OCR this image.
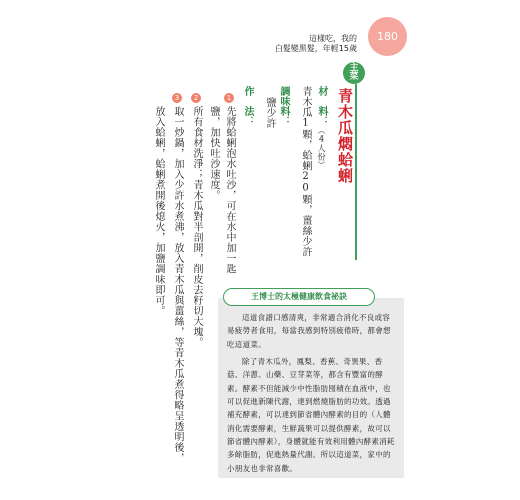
這樣吃，我的
白髮變黑髮，年輕15歲
180
主
菜
青木瓜燜蛤蜊
材　料：（4人份）
青木瓜1顆，蛤蜊20顆，薑絲少許
調味料：
鹽少許
作　法：
1先將蛤蜊泡水吐沙，可在水中加一匙
鹽，加快吐沙速度。
2所有食材洗淨；青木瓜對半剖開，削皮去籽切大塊。
3取一炒鍋，加入少許水煮沸，放入青木瓜與薑絲，等青木瓜煮得略呈透明後，
放入蛤蜊，蛤蜊煮開後熄火，加鹽調味即可。	王博士的太極健康飲食祕訣

這道食譜口感清爽，非常適合消化不良或容易疲勞者食用，每當我感到特別疲倦時，都會想吃這道菜。

除了青木瓜外，鳳梨、香蕉、奇異果、香菇、洋蔥、山藥、豆芽菜等，都含有豐富的酵素。酵素不但能減少中性脂肪囤積在血液中，也可以促進新陳代謝，達到燃燒脂肪的功效。透過補充酵素，可以達到節省體內酵素的目的（人體消化需要酵素，生鮮蔬果可以提供酵素，故可以節省體內酵素），身體就能有效利用體內酵素消耗多餘脂肪，促進熱量代謝。所以這道菜，家中的小朋友也非常喜歡。
